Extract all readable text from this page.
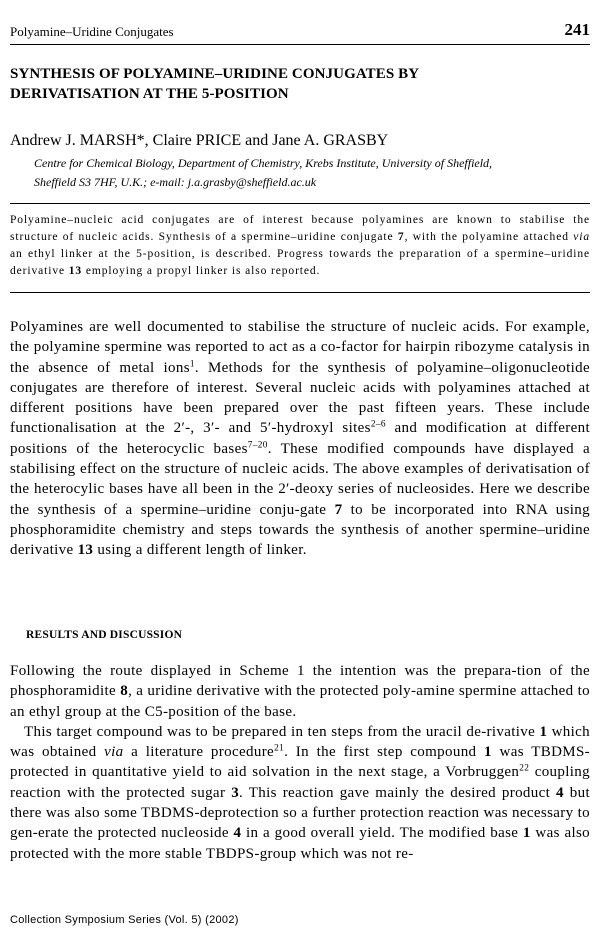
Polyamine–Uridine Conjugates	241
SYNTHESIS OF POLYAMINE–URIDINE CONJUGATES BY
DERIVATISATION AT THE 5-POSITION
Andrew J. MARSH*, Claire PRICE and Jane A. GRASBY
Centre for Chemical Biology, Department of Chemistry, Krebs Institute, University of Sheffield,
Sheffield S3 7HF, U.K.; e-mail: j.a.grasby@sheffield.ac.uk
Polyamine–nucleic acid conjugates are of interest because polyamines are known to stabilise the structure of nucleic acids. Synthesis of a spermine–uridine conjugate 7, with the polyamine attached via an ethyl linker at the 5-position, is described. Progress towards the preparation of a spermine–uridine derivative 13 employing a propyl linker is also reported.
Polyamines are well documented to stabilise the structure of nucleic acids. For example, the polyamine spermine was reported to act as a co-factor for hairpin ribozyme catalysis in the absence of metal ions$^1$. Methods for the synthesis of polyamine–oligonucleotide conjugates are therefore of interest. Several nucleic acids with polyamines attached at different positions have been prepared over the past fifteen years. These include functionalisation at the 2′-, 3′- and 5′-hydroxyl sites$^{2-6}$ and modification at different positions of the heterocyclic bases$^{7-20}$. These modified compounds have displayed a stabilising effect on the structure of nucleic acids. The above examples of derivatisation of the heterocylic bases have all been in the 2′-deoxy series of nucleosides. Here we describe the synthesis of a spermine–uridine conju-gate 7 to be incorporated into RNA using phosphoramidite chemistry and steps towards the synthesis of another spermine–uridine derivative 13 using a different length of linker.
RESULTS AND DISCUSSION

Following the route displayed in Scheme 1 the intention was the prepara-tion of the phosphoramidite 8, a uridine derivative with the protected poly-amine spermine attached to an ethyl group at the C5-position of the base.

This target compound was to be prepared in ten steps from the uracil de-rivative 1 which was obtained via a literature procedure$^{21}$. In the first step compound 1 was TBDMS-protected in quantitative yield to aid solvation in the next stage, a Vorbruggen$^{22}$ coupling reaction with the protected sugar 3. This reaction gave mainly the desired product 4 but there was also some TBDMS-deprotection so a further protection reaction was necessary to gen-erate the protected nucleoside 4 in a good overall yield. The modified base 1 was also protected with the more stable TBDPS-group which was not re-

Collection Symposium Series (Vol. 5) (2002)
